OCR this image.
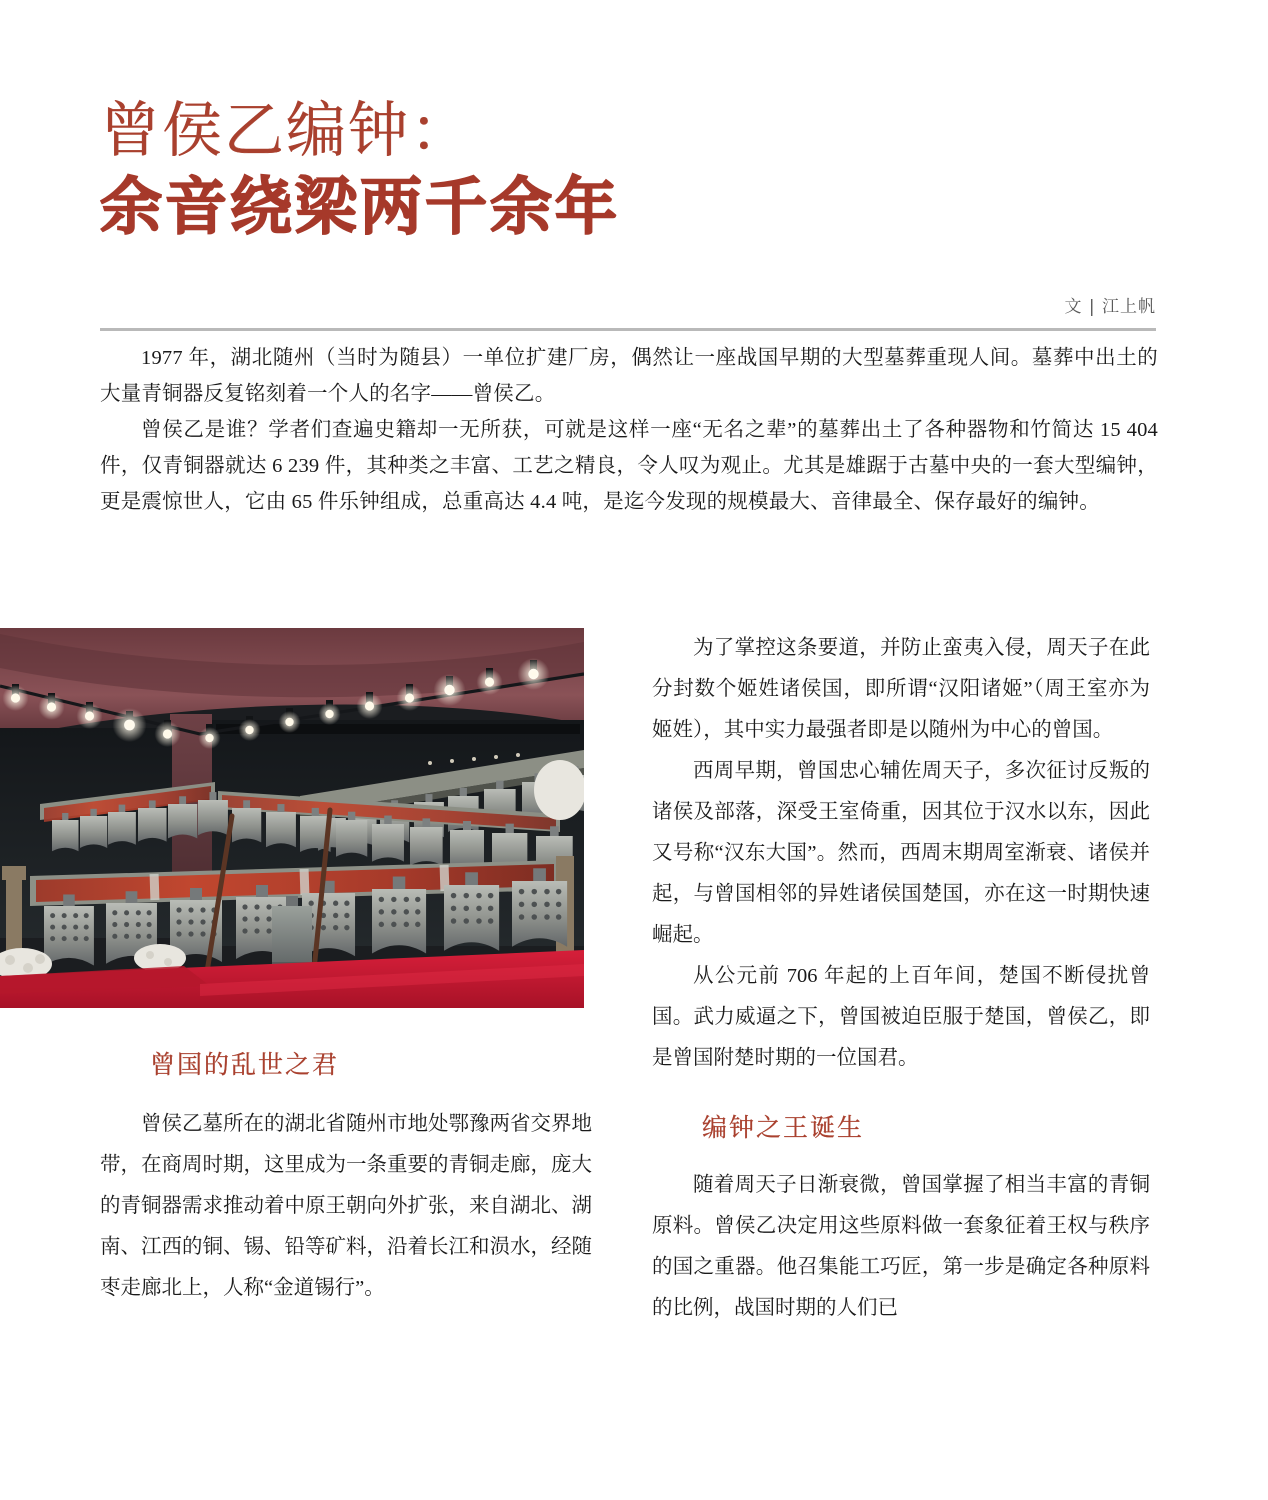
曾侯乙编钟：
余音绕梁两千余年
文 | 江上帆

1977 年，湖北随州（当时为随县）一单位扩建厂房，偶然让一座战国早期的大型墓葬重现人间。墓葬中出土的大量青铜器反复铭刻着一个人的名字——曾侯乙。

曾侯乙是谁？学者们查遍史籍却一无所获，可就是这样一座“无名之辈”的墓葬出土了各种器物和竹简达 15 404 件，仅青铜器就达 6 239 件，其种类之丰富、工艺之精良，令人叹为观止。尤其是雄踞于古墓中央的一套大型编钟，更是震惊世人，它由 65 件乐钟组成，总重高达 4.4 吨，是迄今发现的规模最大、音律最全、保存最好的编钟。

曾国的乱世之君

曾侯乙墓所在的湖北省随州市地处鄂豫两省交界地带，在商周时期，这里成为一条重要的青铜走廊，庞大的青铜器需求推动着中原王朝向外扩张，来自湖北、湖南、江西的铜、锡、铅等矿料，沿着长江和涢水，经随枣走廊北上，人称“金道锡行”。

为了掌控这条要道，并防止蛮夷入侵，周天子在此分封数个姬姓诸侯国，即所谓“汉阳诸姬”（周王室亦为姬姓），其中实力最强者即是以随州为中心的曾国。

西周早期，曾国忠心辅佐周天子，多次征讨反叛的诸侯及部落，深受王室倚重，因其位于汉水以东，因此又号称“汉东大国”。然而，西周末期周室渐衰、诸侯并起，与曾国相邻的异姓诸侯国楚国，亦在这一时期快速崛起。

从公元前 706 年起的上百年间，楚国不断侵扰曾国。武力威逼之下，曾国被迫臣服于楚国，曾侯乙，即是曾国附楚时期的一位国君。

编钟之王诞生

随着周天子日渐衰微，曾国掌握了相当丰富的青铜原料。曾侯乙决定用这些原料做一套象征着王权与秩序的国之重器。他召集能工巧匠，第一步是确定各种原料的比例，战国时期的人们已
